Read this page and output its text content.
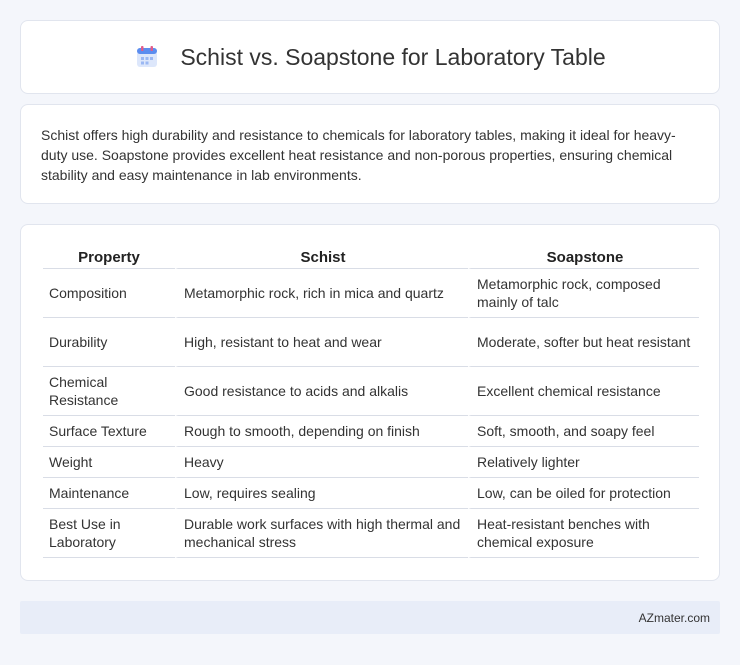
Schist vs. Soapstone for Laboratory Table

Schist offers high durability and resistance to chemicals for laboratory tables, making it ideal for heavy-duty use. Soapstone provides excellent heat resistance and non-porous properties, ensuring chemical stability and easy maintenance in lab environments.

Property	Schist	Soapstone
Composition	Metamorphic rock, rich in mica and quartz	Metamorphic rock, composed mainly of talc
Durability	High, resistant to heat and wear	Moderate, softer but heat resistant
Chemical Resistance	Good resistance to acids and alkalis	Excellent chemical resistance
Surface Texture	Rough to smooth, depending on finish	Soft, smooth, and soapy feel
Weight	Heavy	Relatively lighter
Maintenance	Low, requires sealing	Low, can be oiled for protection
Best Use in Laboratory	Durable work surfaces with high thermal and mechanical stress	Heat-resistant benches with chemical exposure
AZmater.com
